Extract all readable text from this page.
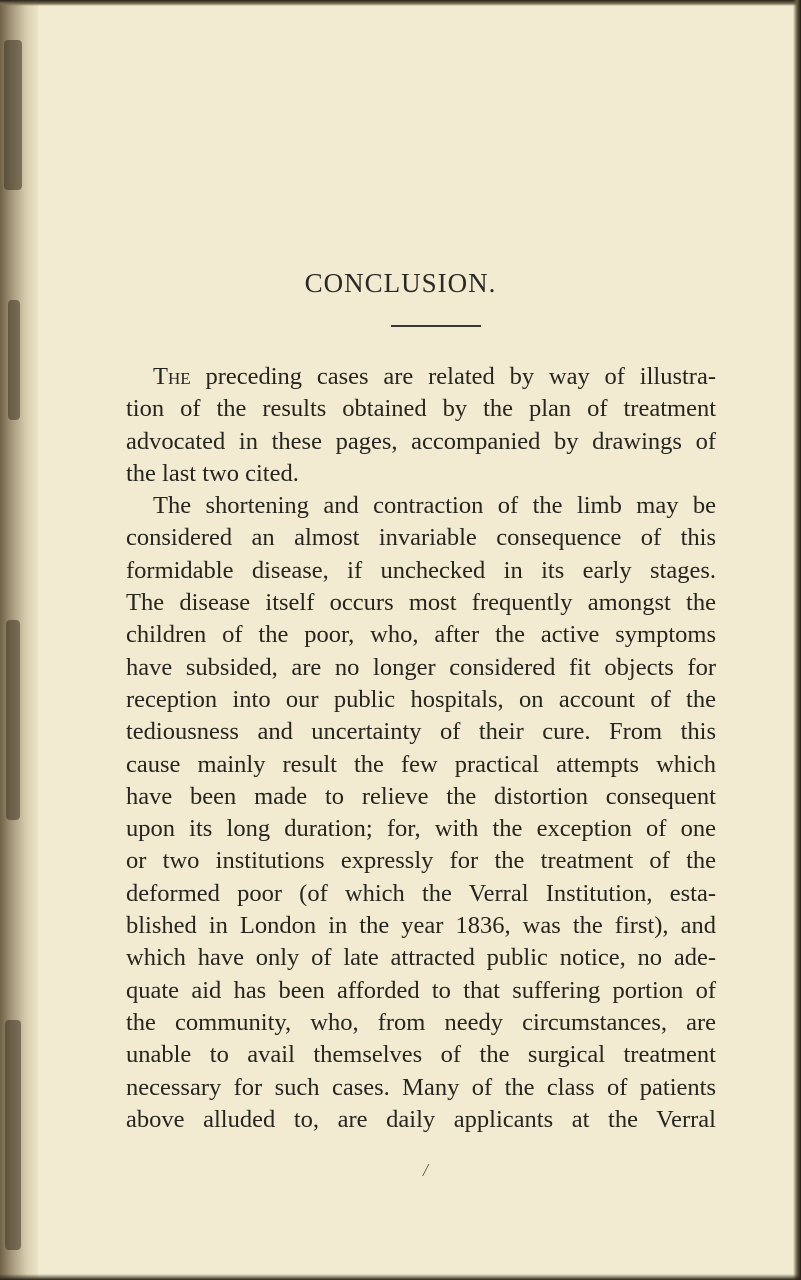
CONCLUSION.
The preceding cases are related by way of illustra-
tion of the results obtained by the plan of treatment
advocated in these pages, accompanied by drawings of
the last two cited.
The shortening and contraction of the limb may be
considered an almost invariable consequence of this
formidable disease, if unchecked in its early stages.
The disease itself occurs most frequently amongst the
children of the poor, who, after the active symptoms
have subsided, are no longer considered fit objects for
reception into our public hospitals, on account of the
tediousness and uncertainty of their cure. From this
cause mainly result the few practical attempts which
have been made to relieve the distortion consequent
upon its long duration; for, with the exception of one
or two institutions expressly for the treatment of the
deformed poor (of which the Verral Institution, esta-
blished in London in the year 1836, was the first), and
which have only of late attracted public notice, no ade-
quate aid has been afforded to that suffering portion of
the community, who, from needy circumstances, are
unable to avail themselves of the surgical treatment
necessary for such cases. Many of the class of patients
above alluded to, are daily applicants at the Verral
/
